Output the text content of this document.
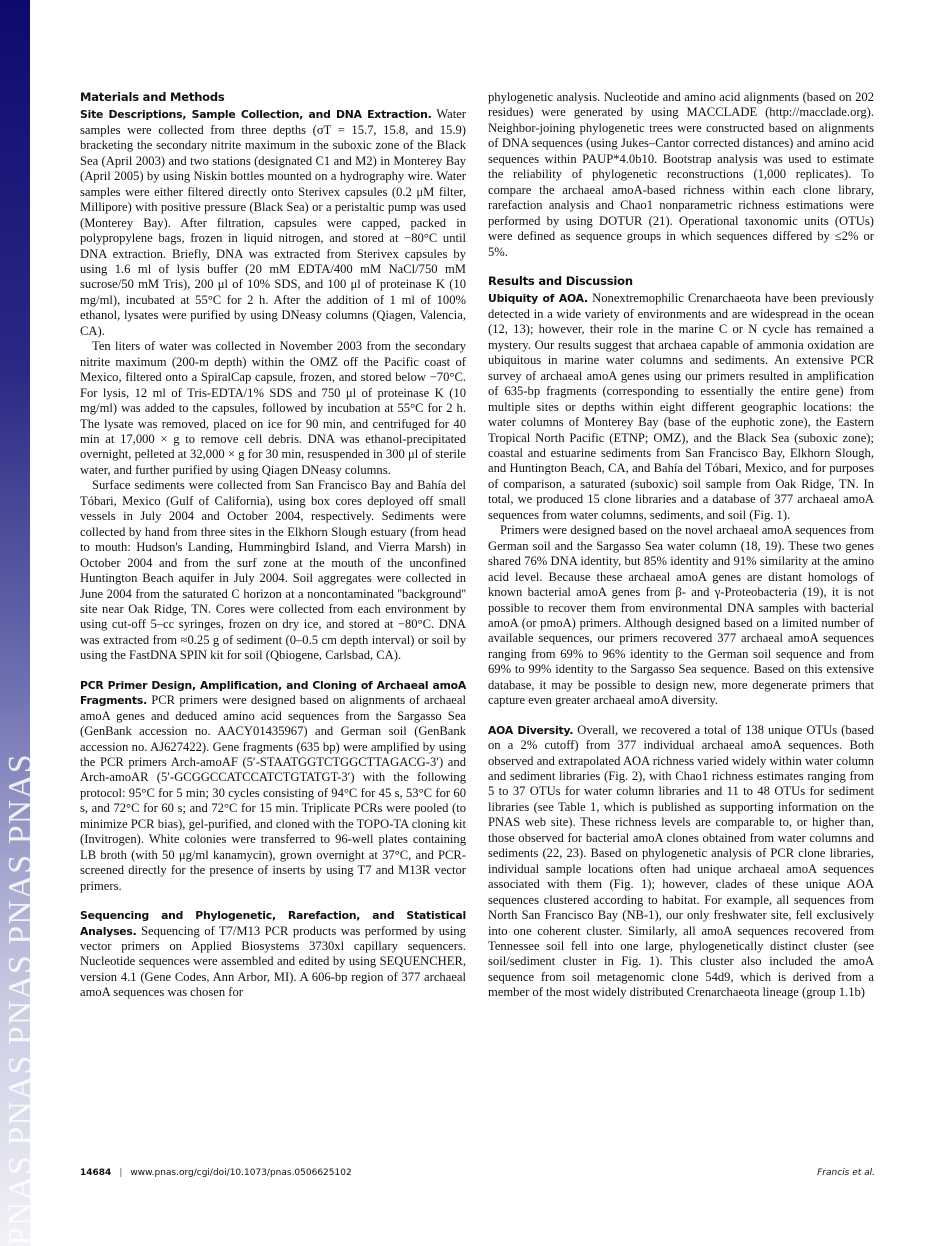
PNAS PNAS PNAS PNAS PNAS
Materials and Methods

Site Descriptions, Sample Collection, and DNA Extraction. Water samples were collected from three depths (σT = 15.7, 15.8, and 15.9) bracketing the secondary nitrite maximum in the suboxic zone of the Black Sea (April 2003) and two stations (designated C1 and M2) in Monterey Bay (April 2005) by using Niskin bottles mounted on a hydrography wire. Water samples were either filtered directly onto Sterivex capsules (0.2 μM filter, Millipore) with positive pressure (Black Sea) or a peristaltic pump was used (Monterey Bay). After filtration, capsules were capped, packed in polypropylene bags, frozen in liquid nitrogen, and stored at −80°C until DNA extraction. Briefly, DNA was extracted from Sterivex capsules by using 1.6 ml of lysis buffer (20 mM EDTA/400 mM NaCl/750 mM sucrose/50 mM Tris), 200 μl of 10% SDS, and 100 μl of proteinase K (10 mg/ml), incubated at 55°C for 2 h. After the addition of 1 ml of 100% ethanol, lysates were purified by using DNeasy columns (Qiagen, Valencia, CA).

Ten liters of water was collected in November 2003 from the secondary nitrite maximum (200-m depth) within the OMZ off the Pacific coast of Mexico, filtered onto a SpiralCap capsule, frozen, and stored below −70°C. For lysis, 12 ml of Tris-EDTA/1% SDS and 750 μl of proteinase K (10 mg/ml) was added to the capsules, followed by incubation at 55°C for 2 h. The lysate was removed, placed on ice for 90 min, and centrifuged for 40 min at 17,000 × g to remove cell debris. DNA was ethanol-precipitated overnight, pelleted at 32,000 × g for 30 min, resuspended in 300 μl of sterile water, and further purified by using Qiagen DNeasy columns.

Surface sediments were collected from San Francisco Bay and Bahía del Tóbari, Mexico (Gulf of California), using box cores deployed off small vessels in July 2004 and October 2004, respectively. Sediments were collected by hand from three sites in the Elkhorn Slough estuary (from head to mouth: Hudson's Landing, Hummingbird Island, and Vierra Marsh) in October 2004 and from the surf zone at the mouth of the unconfined Huntington Beach aquifer in July 2004. Soil aggregates were collected in June 2004 from the saturated C horizon at a noncontaminated ''background'' site near Oak Ridge, TN. Cores were collected from each environment by using cut-off 5–cc syringes, frozen on dry ice, and stored at −80°C. DNA was extracted from ≈0.25 g of sediment (0–0.5 cm depth interval) or soil by using the FastDNA SPIN kit for soil (Qbiogene, Carlsbad, CA).

PCR Primer Design, Amplification, and Cloning of Archaeal amoA Fragments. PCR primers were designed based on alignments of archaeal amoA genes and deduced amino acid sequences from the Sargasso Sea (GenBank accession no. AACY01435967) and German soil (GenBank accession no. AJ627422). Gene fragments (635 bp) were amplified by using the PCR primers Arch-amoAF (5′-STAATGGTCTGGCTTAGACG-3′) and Arch-amoAR (5′-GCGGCCATCCATCTGTATGT-3′) with the following protocol: 95°C for 5 min; 30 cycles consisting of 94°C for 45 s, 53°C for 60 s, and 72°C for 60 s; and 72°C for 15 min. Triplicate PCRs were pooled (to minimize PCR bias), gel-purified, and cloned with the TOPO-TA cloning kit (Invitrogen). White colonies were transferred to 96-well plates containing LB broth (with 50 μg/ml kanamycin), grown overnight at 37°C, and PCR-screened directly for the presence of inserts by using T7 and M13R vector primers.

Sequencing and Phylogenetic, Rarefaction, and Statistical Analyses. Sequencing of T7/M13 PCR products was performed by using vector primers on Applied Biosystems 3730xl capillary sequencers. Nucleotide sequences were assembled and edited by using SEQUENCHER, version 4.1 (Gene Codes, Ann Arbor, MI). A 606-bp region of 377 archaeal amoA sequences was chosen for

phylogenetic analysis. Nucleotide and amino acid alignments (based on 202 residues) were generated by using MACCLADE (http://macclade.org). Neighbor-joining phylogenetic trees were constructed based on alignments of DNA sequences (using Jukes–Cantor corrected distances) and amino acid sequences within PAUP*4.0b10. Bootstrap analysis was used to estimate the reliability of phylogenetic reconstructions (1,000 replicates). To compare the archaeal amoA-based richness within each clone library, rarefaction analysis and Chao1 nonparametric richness estimations were performed by using DOTUR (21). Operational taxonomic units (OTUs) were defined as sequence groups in which sequences differed by ≤2% or 5%.

Results and Discussion

Ubiquity of AOA. Nonextremophilic Crenarchaeota have been previously detected in a wide variety of environments and are widespread in the ocean (12, 13); however, their role in the marine C or N cycle has remained a mystery. Our results suggest that archaea capable of ammonia oxidation are ubiquitous in marine water columns and sediments. An extensive PCR survey of archaeal amoA genes using our primers resulted in amplification of 635-bp fragments (corresponding to essentially the entire gene) from multiple sites or depths within eight different geographic locations: the water columns of Monterey Bay (base of the euphotic zone), the Eastern Tropical North Pacific (ETNP; OMZ), and the Black Sea (suboxic zone); coastal and estuarine sediments from San Francisco Bay, Elkhorn Slough, and Huntington Beach, CA, and Bahía del Tóbari, Mexico, and for purposes of comparison, a saturated (suboxic) soil sample from Oak Ridge, TN. In total, we produced 15 clone libraries and a database of 377 archaeal amoA sequences from water columns, sediments, and soil (Fig. 1).

Primers were designed based on the novel archaeal amoA sequences from German soil and the Sargasso Sea water column (18, 19). These two genes shared 76% DNA identity, but 85% identity and 91% similarity at the amino acid level. Because these archaeal amoA genes are distant homologs of known bacterial amoA genes from β- and γ-Proteobacteria (19), it is not possible to recover them from environmental DNA samples with bacterial amoA (or pmoA) primers. Although designed based on a limited number of available sequences, our primers recovered 377 archaeal amoA sequences ranging from 69% to 96% identity to the German soil sequence and from 69% to 99% identity to the Sargasso Sea sequence. Based on this extensive database, it may be possible to design new, more degenerate primers that capture even greater archaeal amoA diversity.

AOA Diversity. Overall, we recovered a total of 138 unique OTUs (based on a 2% cutoff) from 377 individual archaeal amoA sequences. Both observed and extrapolated AOA richness varied widely within water column and sediment libraries (Fig. 2), with Chao1 richness estimates ranging from 5 to 37 OTUs for water column libraries and 11 to 48 OTUs for sediment libraries (see Table 1, which is published as supporting information on the PNAS web site). These richness levels are comparable to, or higher than, those observed for bacterial amoA clones obtained from water columns and sediments (22, 23). Based on phylogenetic analysis of PCR clone libraries, individual sample locations often had unique archaeal amoA sequences associated with them (Fig. 1); however, clades of these unique AOA sequences clustered according to habitat. For example, all sequences from North San Francisco Bay (NB-1), our only freshwater site, fell exclusively into one coherent cluster. Similarly, all amoA sequences recovered from Tennessee soil fell into one large, phylogenetically distinct cluster (see soil/sediment cluster in Fig. 1). This cluster also included the amoA sequence from soil metagenomic clone 54d9, which is derived from a member of the most widely distributed Crenarchaeota lineage (group 1.1b)

14684 | www.pnas.org/cgi/doi/10.1073/pnas.0506625102	Francis et al.
